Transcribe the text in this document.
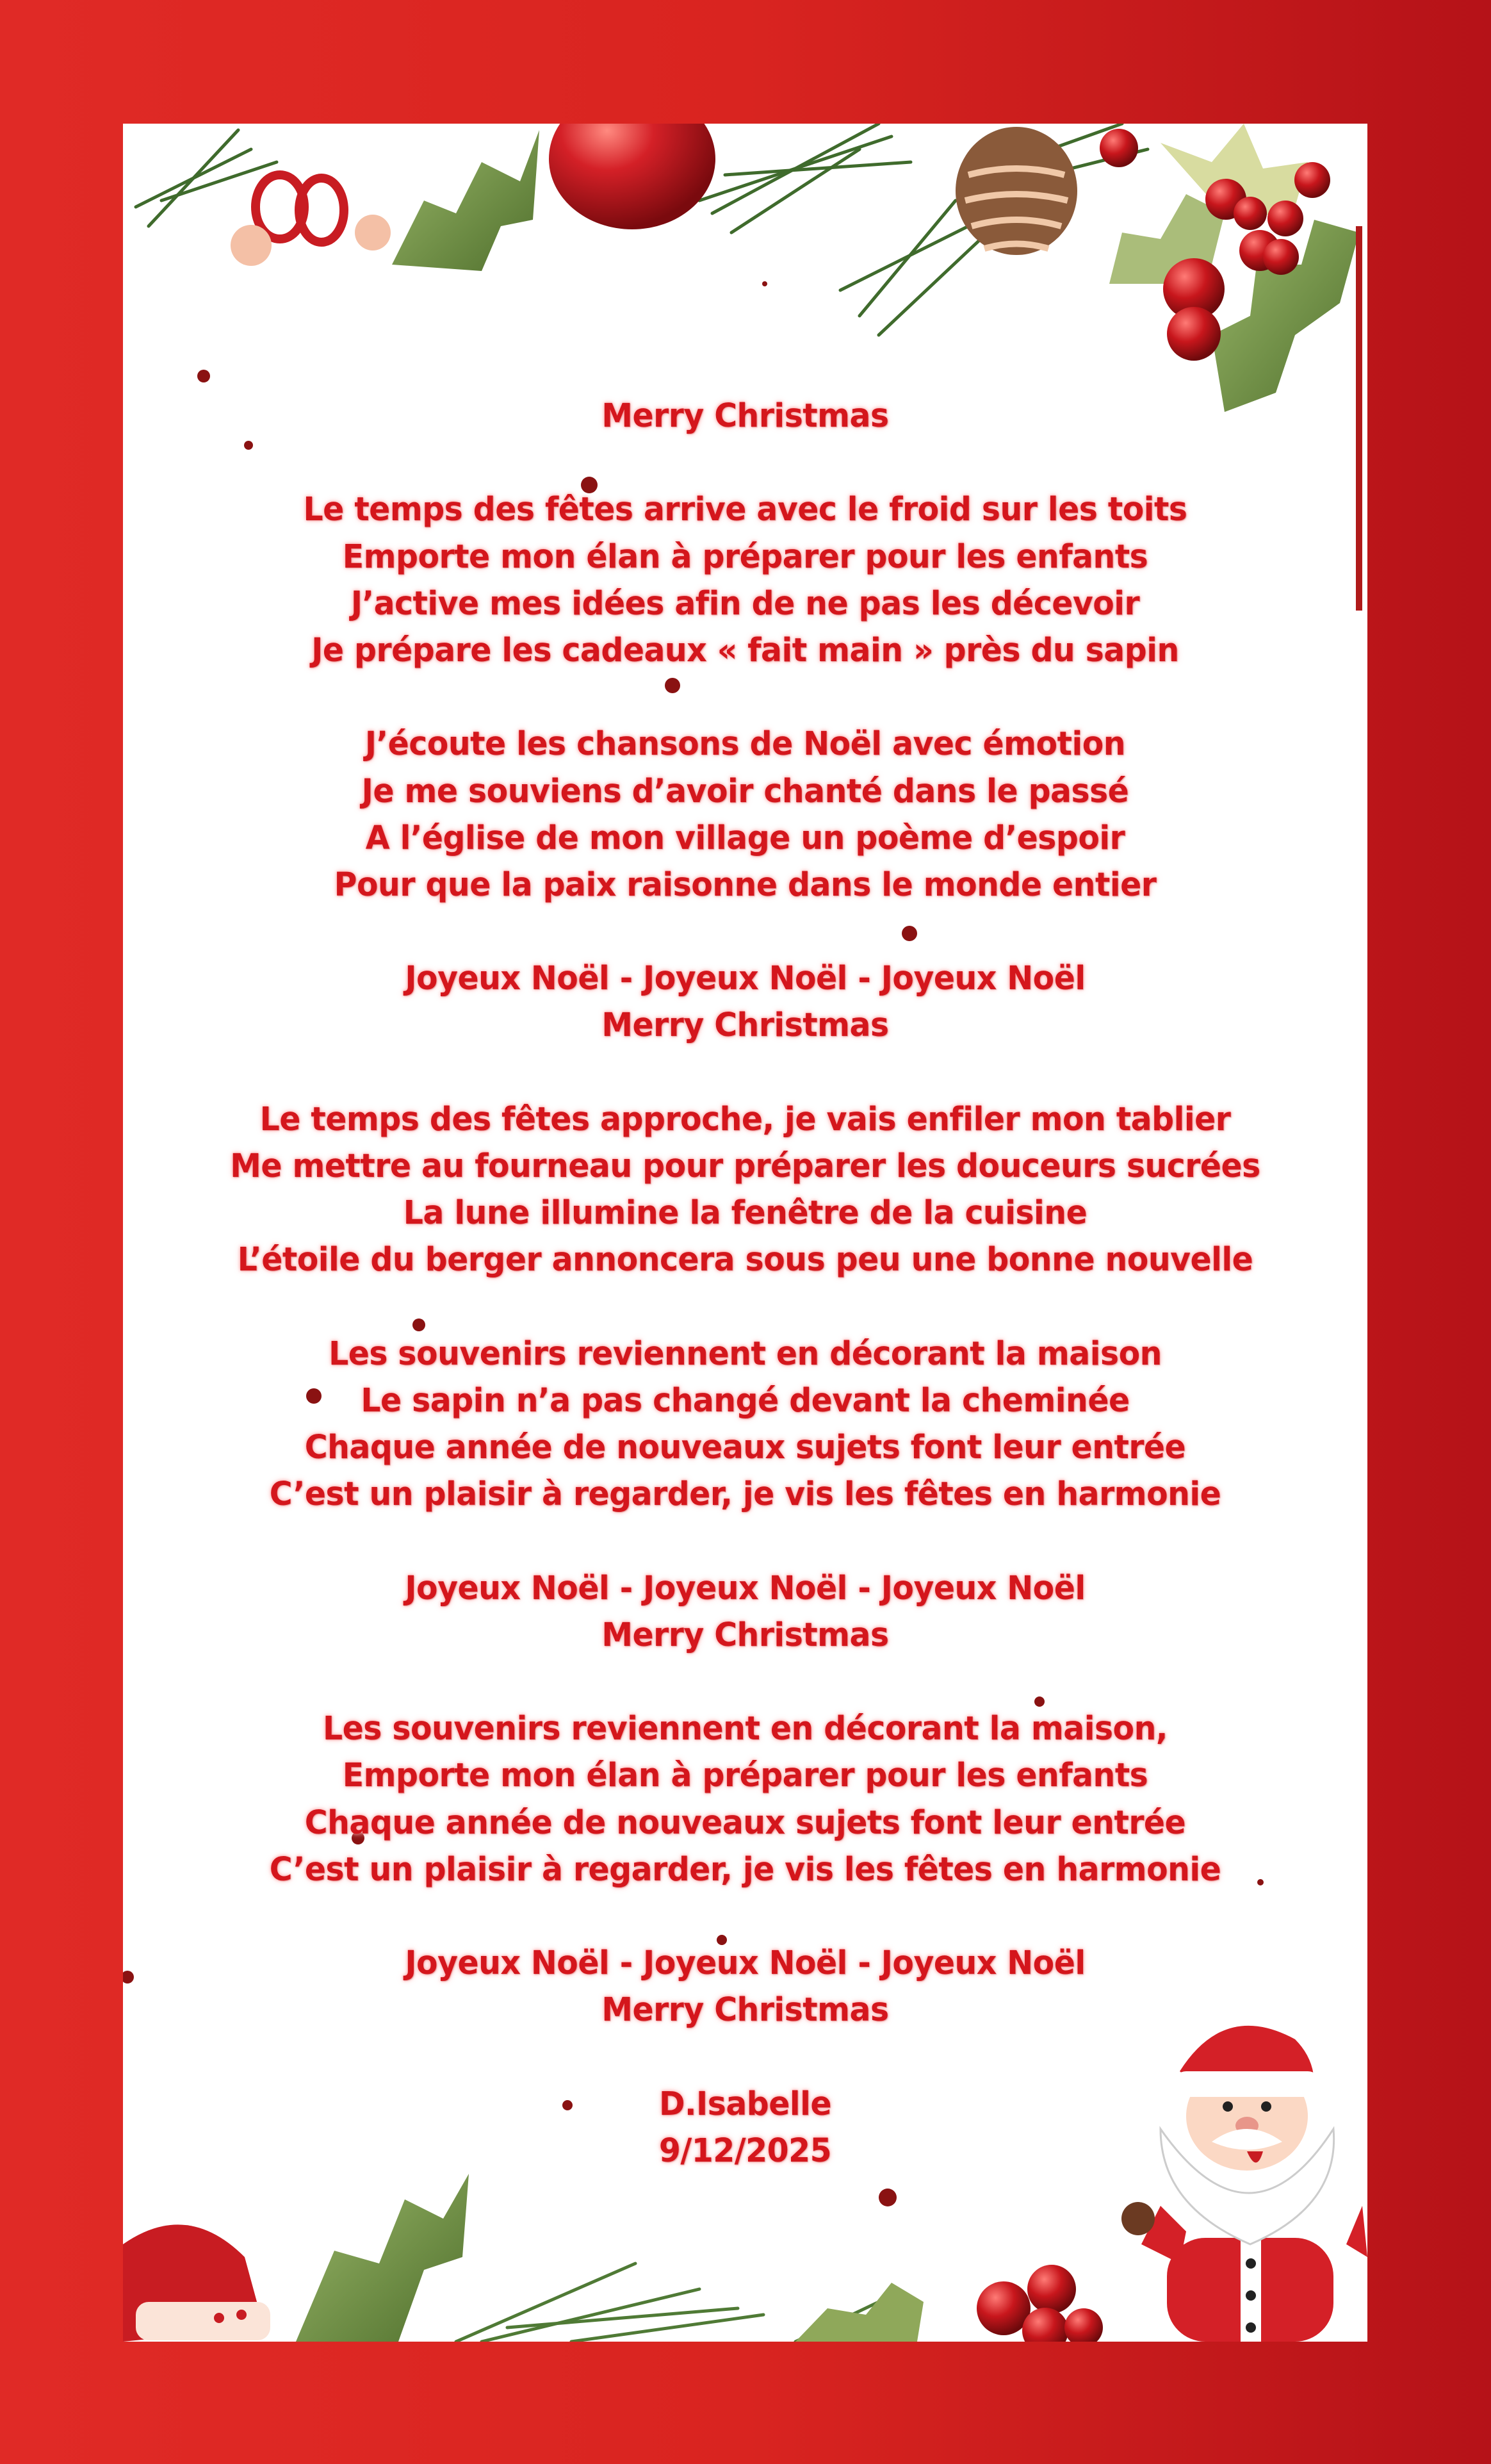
Merry Christmas
Le temps des fêtes arrive avec le froid sur les toits
Emporte mon élan à préparer pour les enfants
J’active mes idées afin de ne pas les décevoir
Je prépare les cadeaux « fait main » près du sapin
J’écoute les chansons de Noël avec émotion
Je me souviens d’avoir chanté dans le passé
A l’église de mon village un poème d’espoir
Pour que la paix raisonne dans le monde entier
Joyeux Noël - Joyeux Noël - Joyeux Noël
Merry Christmas
Le temps des fêtes approche, je vais enfiler mon tablier
Me mettre au fourneau pour préparer les douceurs sucrées
La lune illumine la fenêtre de la cuisine
L’étoile du berger annoncera sous peu une bonne nouvelle
Les souvenirs reviennent en décorant la maison
Le sapin n’a pas changé devant la cheminée
Chaque année de nouveaux sujets font leur entrée
C’est un plaisir à regarder, je vis les fêtes en harmonie
Joyeux Noël - Joyeux Noël - Joyeux Noël
Merry Christmas
Les souvenirs reviennent en décorant la maison,
Emporte mon élan à préparer pour les enfants
Chaque année de nouveaux sujets font leur entrée
C’est un plaisir à regarder, je vis les fêtes en harmonie
Joyeux Noël - Joyeux Noël - Joyeux Noël
Merry Christmas
D.Isabelle
9/12/2025
